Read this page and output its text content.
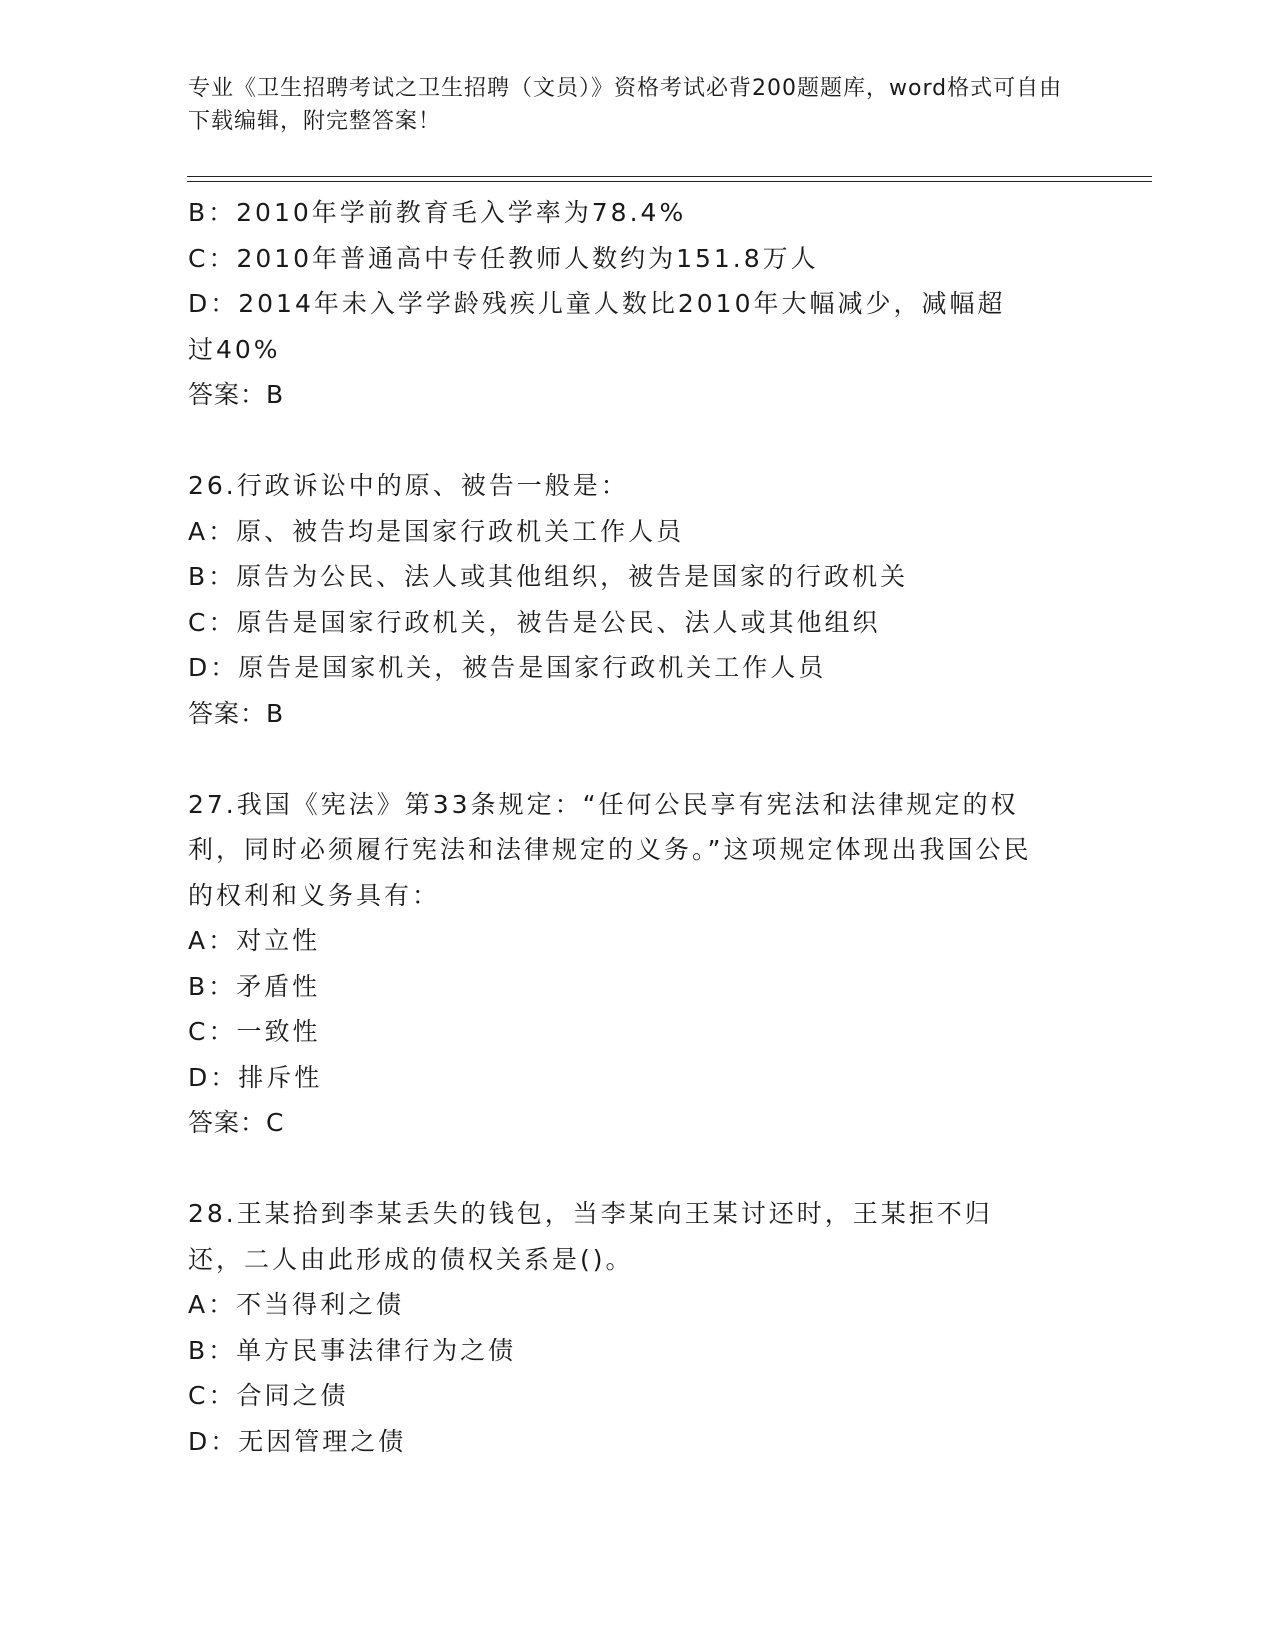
专业《卫生招聘考试之卫生招聘（文员）》资格考试必背200题题库，word格式可自由下载编辑，附完整答案！

B：2010年学前教育毛入学率为78.4%

C：2010年普通高中专任教师人数约为151.8万人

D：2014年未入学学龄残疾儿童人数比2010年大幅减少，减幅超过40%

答案：B

26.行政诉讼中的原、被告一般是：

A：原、被告均是国家行政机关工作人员

B：原告为公民、法人或其他组织，被告是国家的行政机关

C：原告是国家行政机关，被告是公民、法人或其他组织

D：原告是国家机关，被告是国家行政机关工作人员

答案：B

27.我国《宪法》第33条规定：“任何公民享有宪法和法律规定的权利，同时必须履行宪法和法律规定的义务。”这项规定体现出我国公民的权利和义务具有：

A：对立性

B：矛盾性

C：一致性

D：排斥性

答案：C

28.王某拾到李某丢失的钱包，当李某向王某讨还时，王某拒不归还，二人由此形成的债权关系是()。

A：不当得利之债

B：单方民事法律行为之债

C：合同之债

D：无因管理之债
